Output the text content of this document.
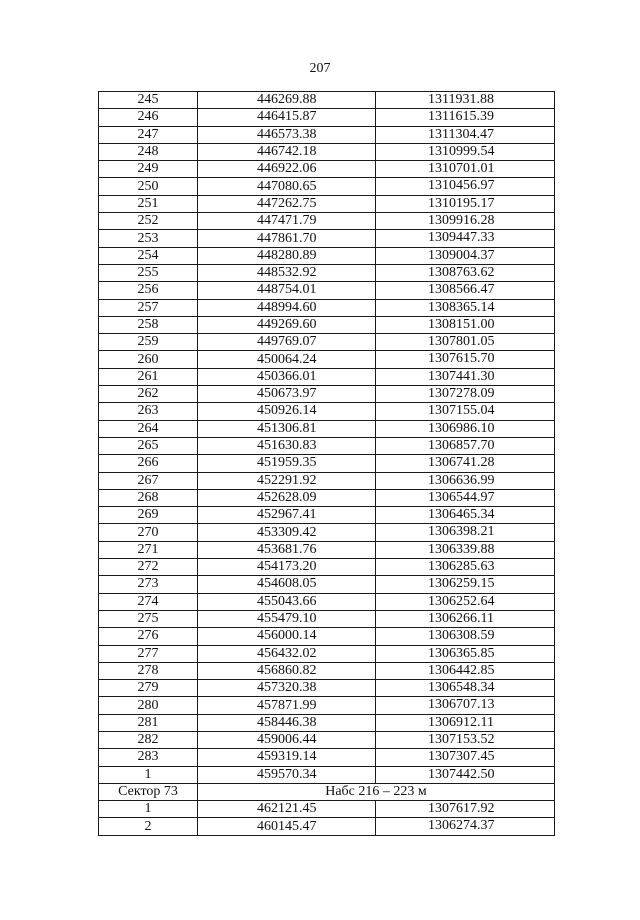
207
245	446269.88	1311931.88
246	446415.87	1311615.39
247	446573.38	1311304.47
248	446742.18	1310999.54
249	446922.06	1310701.01
250	447080.65	1310456.97
251	447262.75	1310195.17
252	447471.79	1309916.28
253	447861.70	1309447.33
254	448280.89	1309004.37
255	448532.92	1308763.62
256	448754.01	1308566.47
257	448994.60	1308365.14
258	449269.60	1308151.00
259	449769.07	1307801.05
260	450064.24	1307615.70
261	450366.01	1307441.30
262	450673.97	1307278.09
263	450926.14	1307155.04
264	451306.81	1306986.10
265	451630.83	1306857.70
266	451959.35	1306741.28
267	452291.92	1306636.99
268	452628.09	1306544.97
269	452967.41	1306465.34
270	453309.42	1306398.21
271	453681.76	1306339.88
272	454173.20	1306285.63
273	454608.05	1306259.15
274	455043.66	1306252.64
275	455479.10	1306266.11
276	456000.14	1306308.59
277	456432.02	1306365.85
278	456860.82	1306442.85
279	457320.38	1306548.34
280	457871.99	1306707.13
281	458446.38	1306912.11
282	459006.44	1307153.52
283	459319.14	1307307.45
1	459570.34	1307442.50
Сектор 73	Набс 216 – 223 м	
1	462121.45	1307617.92
2	460145.47	1306274.37
